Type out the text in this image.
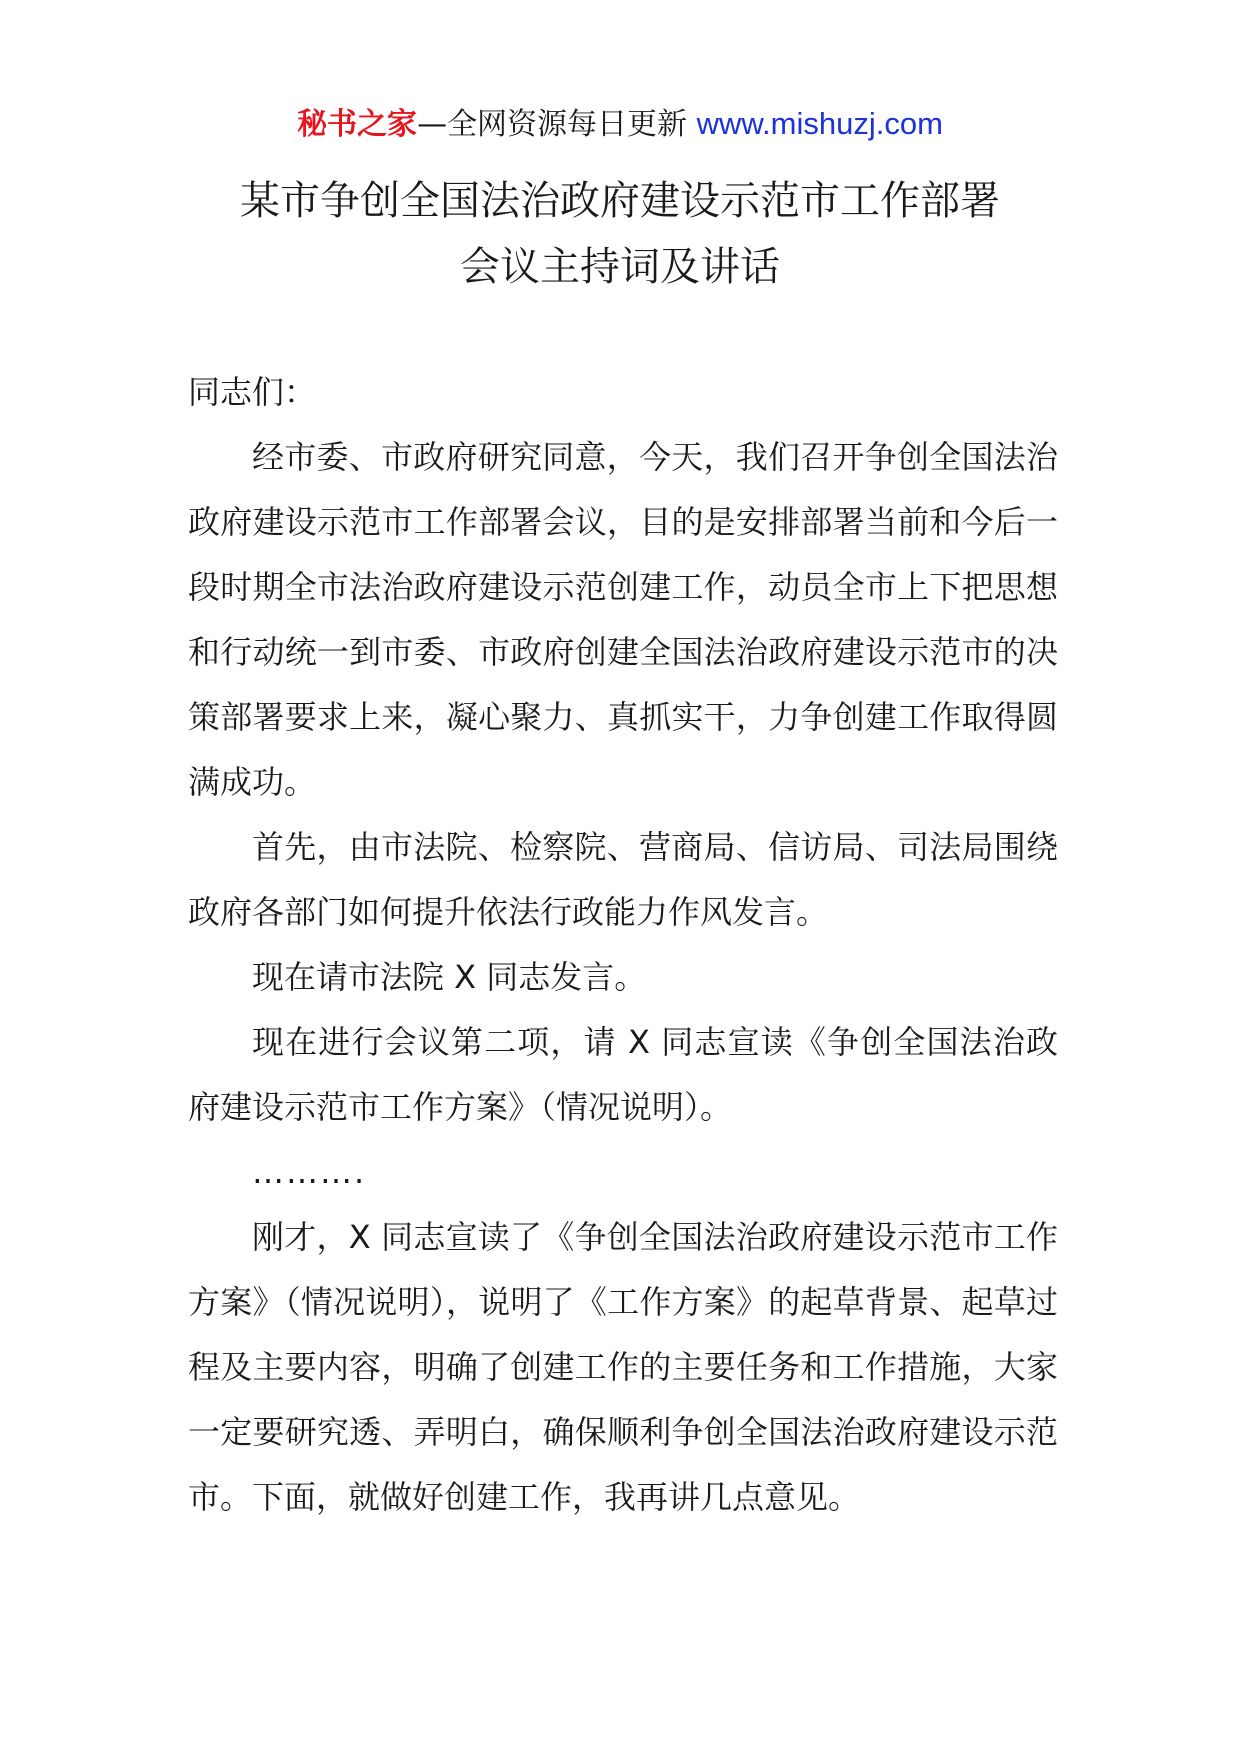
秘书之家—全网资源每日更新 www.mishuzj.com
某市争创全国法治政府建设示范市工作部署
会议主持词及讲话

同志们：

经市委、市政府研究同意，今天，我们召开争创全国法治政府建设示范市工作部署会议，目的是安排部署当前和今后一段时期全市法治政府建设示范创建工作，动员全市上下把思想和行动统一到市委、市政府创建全国法治政府建设示范市的决策部署要求上来，凝心聚力、真抓实干，力争创建工作取得圆满成功。

首先，由市法院、检察院、营商局、信访局、司法局围绕政府各部门如何提升依法行政能力作风发言。

现在请市法院 X 同志发言。

现在进行会议第二项，请 X 同志宣读《争创全国法治政府建设示范市工作方案》（情况说明）。

……….

刚才，X 同志宣读了《争创全国法治政府建设示范市工作方案》（情况说明），说明了《工作方案》的起草背景、起草过程及主要内容，明确了创建工作的主要任务和工作措施，大家一定要研究透、弄明白，确保顺利争创全国法治政府建设示范市。下面，就做好创建工作，我再讲几点意见。
